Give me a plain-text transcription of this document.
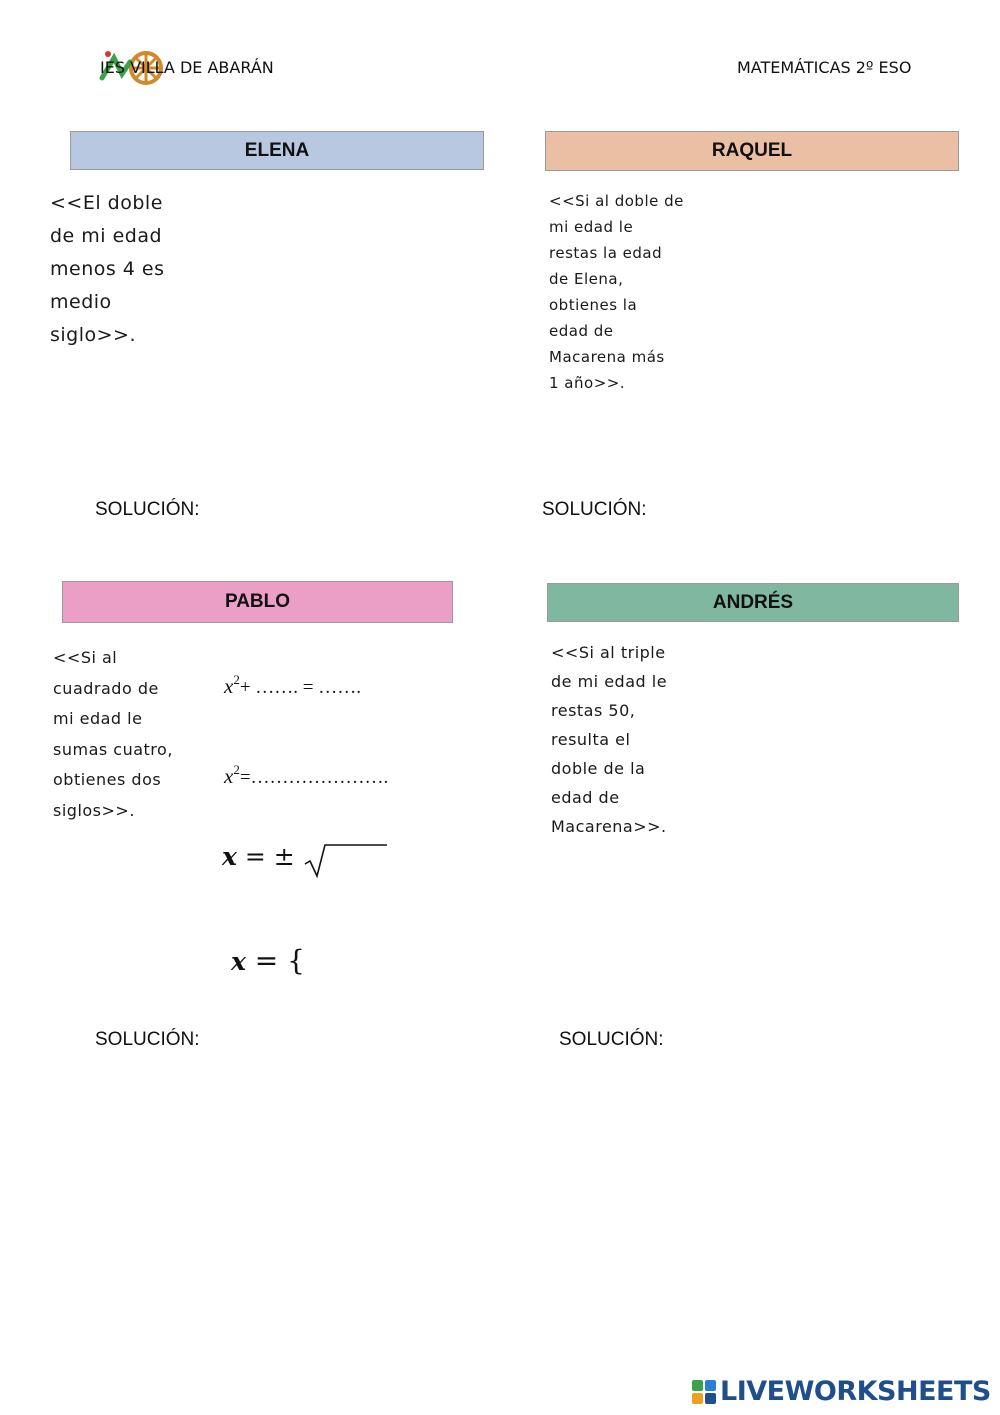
IES VILLA DE ABARÁN	MATEMÁTICAS 2º ESO
ELENA
<<El doble
de mi edad
menos 4 es
medio
siglo>>.
SOLUCIÓN:
RAQUEL
<<Si al doble de
mi edad le
restas la edad
de Elena,
obtienes la
edad de
Macarena más
1 año>>.
SOLUCIÓN:
PABLO
<<Si al
cuadrado de
mi edad le
sumas cuatro,
obtienes dos
siglos>>.
$x^2+$ ……. = …….
$x^2=\dots\dots\dots\dots\dots\dots\dots$.
x = ±
x = {
SOLUCIÓN:
ANDRÉS
<<Si al triple
de mi edad le
restas 50,
resulta el
doble de la
edad de
Macarena>>.
SOLUCIÓN:
LIVEWORKSHEETS
